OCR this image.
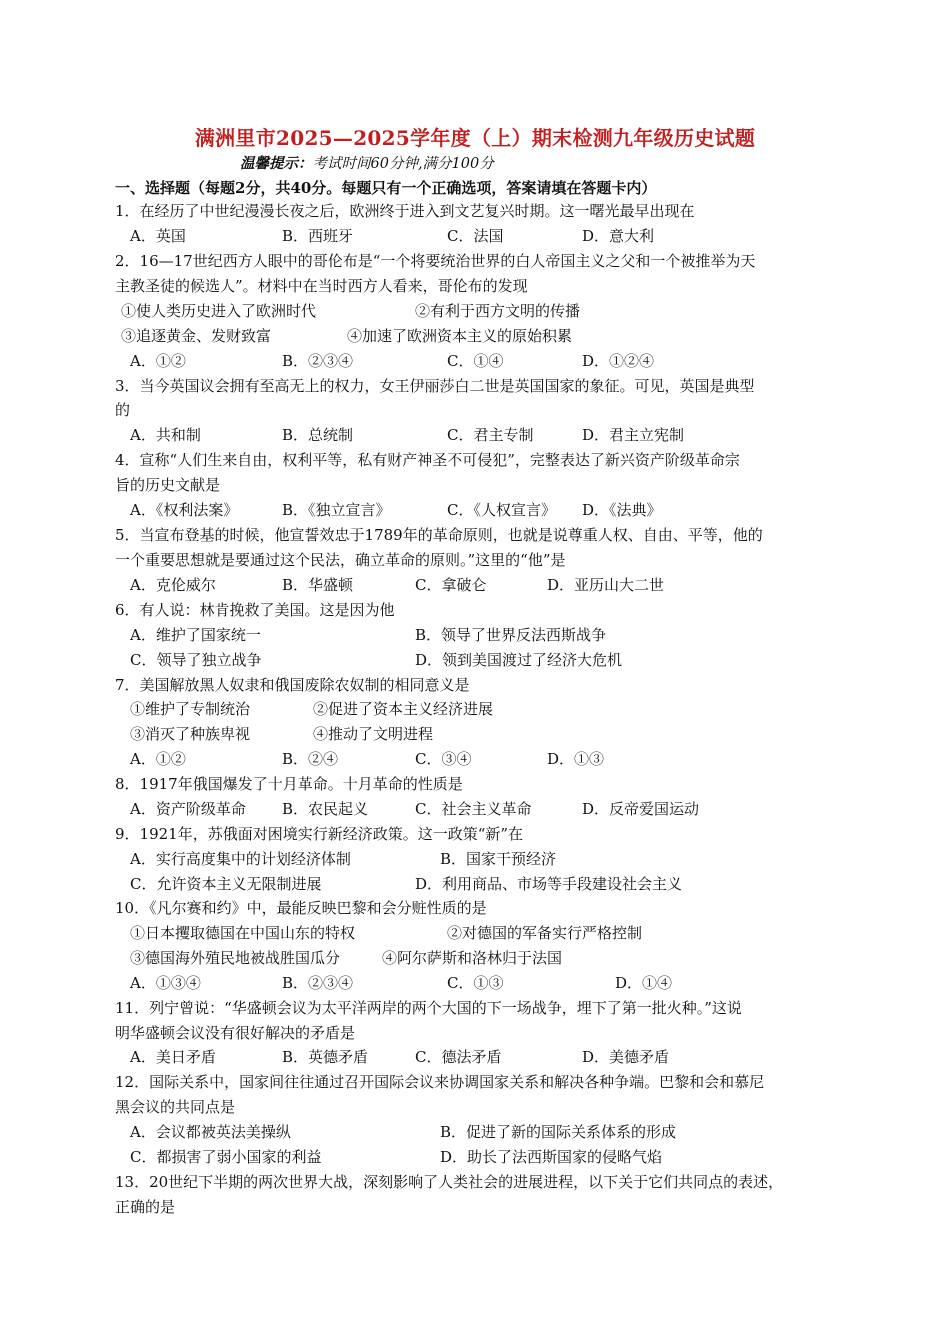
满洲里市2025—2025学年度（上）期末检测九年级历史试题
温馨提示：考试时间60分钟,满分100分
一、选择题（每题2分，共40分。每题只有一个正确选项，答案请填在答题卡内）
1．在经历了中世纪漫漫长夜之后，欧洲终于进入到文艺复兴时期。这一曙光最早出现在
A．英国	B．西班牙	C．法国	D．意大利
2．16—17世纪西方人眼中的哥伦布是“一个将要统治世界的白人帝国主义之父和一个被推举为天
主教圣徒的候选人”。材料中在当时西方人看来，哥伦布的发现
①使人类历史进入了欧洲时代	②有利于西方文明的传播
③追逐黄金、发财致富	④加速了欧洲资本主义的原始积累
A．①②	B．②③④	C．①④	D．①②④
3．当今英国议会拥有至高无上的权力，女王伊丽莎白二世是英国国家的象征。可见，英国是典型
的
A．共和制	B．总统制	C．君主专制	D．君主立宪制
4．宣称“人们生来自由，权利平等，私有财产神圣不可侵犯”，完整表达了新兴资产阶级革命宗
旨的历史文献是
A．《权利法案》	B．《独立宣言》	C．《人权宣言》 D．《法典》
5．当宣布登基的时候，他宣誓效忠于1789年的革命原则，也就是说尊重人权、自由、平等，他的
一个重要思想就是要通过这个民法，确立革命的原则。”这里的“他”是
A．克伦威尔	B．华盛顿	C．拿破仑	D．亚历山大二世
6．有人说：林肯挽救了美国。这是因为他
A．维护了国家统一	B．领导了世界反法西斯战争
C．领导了独立战争	D．领到美国渡过了经济大危机
7．美国解放黑人奴隶和俄国废除农奴制的相同意义是
①维护了专制统治	②促进了资本主义经济进展
③消灭了种族卑视	④推动了文明进程
A．①②	B．②④	C．③④	D．①③
8．1917年俄国爆发了十月革命。十月革命的性质是
A．资产阶级革命 B．农民起义	C．社会主义革命	D．反帝爱国运动
9．1921年，苏俄面对困境实行新经济政策。这一政策“新”在
A．实行高度集中的计划经济体制	B．国家干预经济
C．允许资本主义无限制进展	D．利用商品、市场等手段建设社会主义
10．《凡尔赛和约》中，最能反映巴黎和会分赃性质的是
①日本攫取德国在中国山东的特权	②对德国的军备实行严格控制
③德国海外殖民地被战胜国瓜分	④阿尔萨斯和洛林归于法国
A．①③④	B．②③④	C．①③	D．①④
11．列宁曾说：“华盛顿会议为太平洋两岸的两个大国的下一场战争，埋下了第一批火种。”这说
明华盛顿会议没有很好解决的矛盾是
A．美日矛盾	B．英德矛盾	C．德法矛盾	D．美德矛盾
12．国际关系中，国家间往往通过召开国际会议来协调国家关系和解决各种争端。巴黎和会和慕尼
黑会议的共同点是
A．会议都被英法美操纵	B．促进了新的国际关系体系的形成
C．都损害了弱小国家的利益	D．助长了法西斯国家的侵略气焰
13．20世纪下半期的两次世界大战，深刻影响了人类社会的进展进程，以下关于它们共同点的表述，
正确的是
